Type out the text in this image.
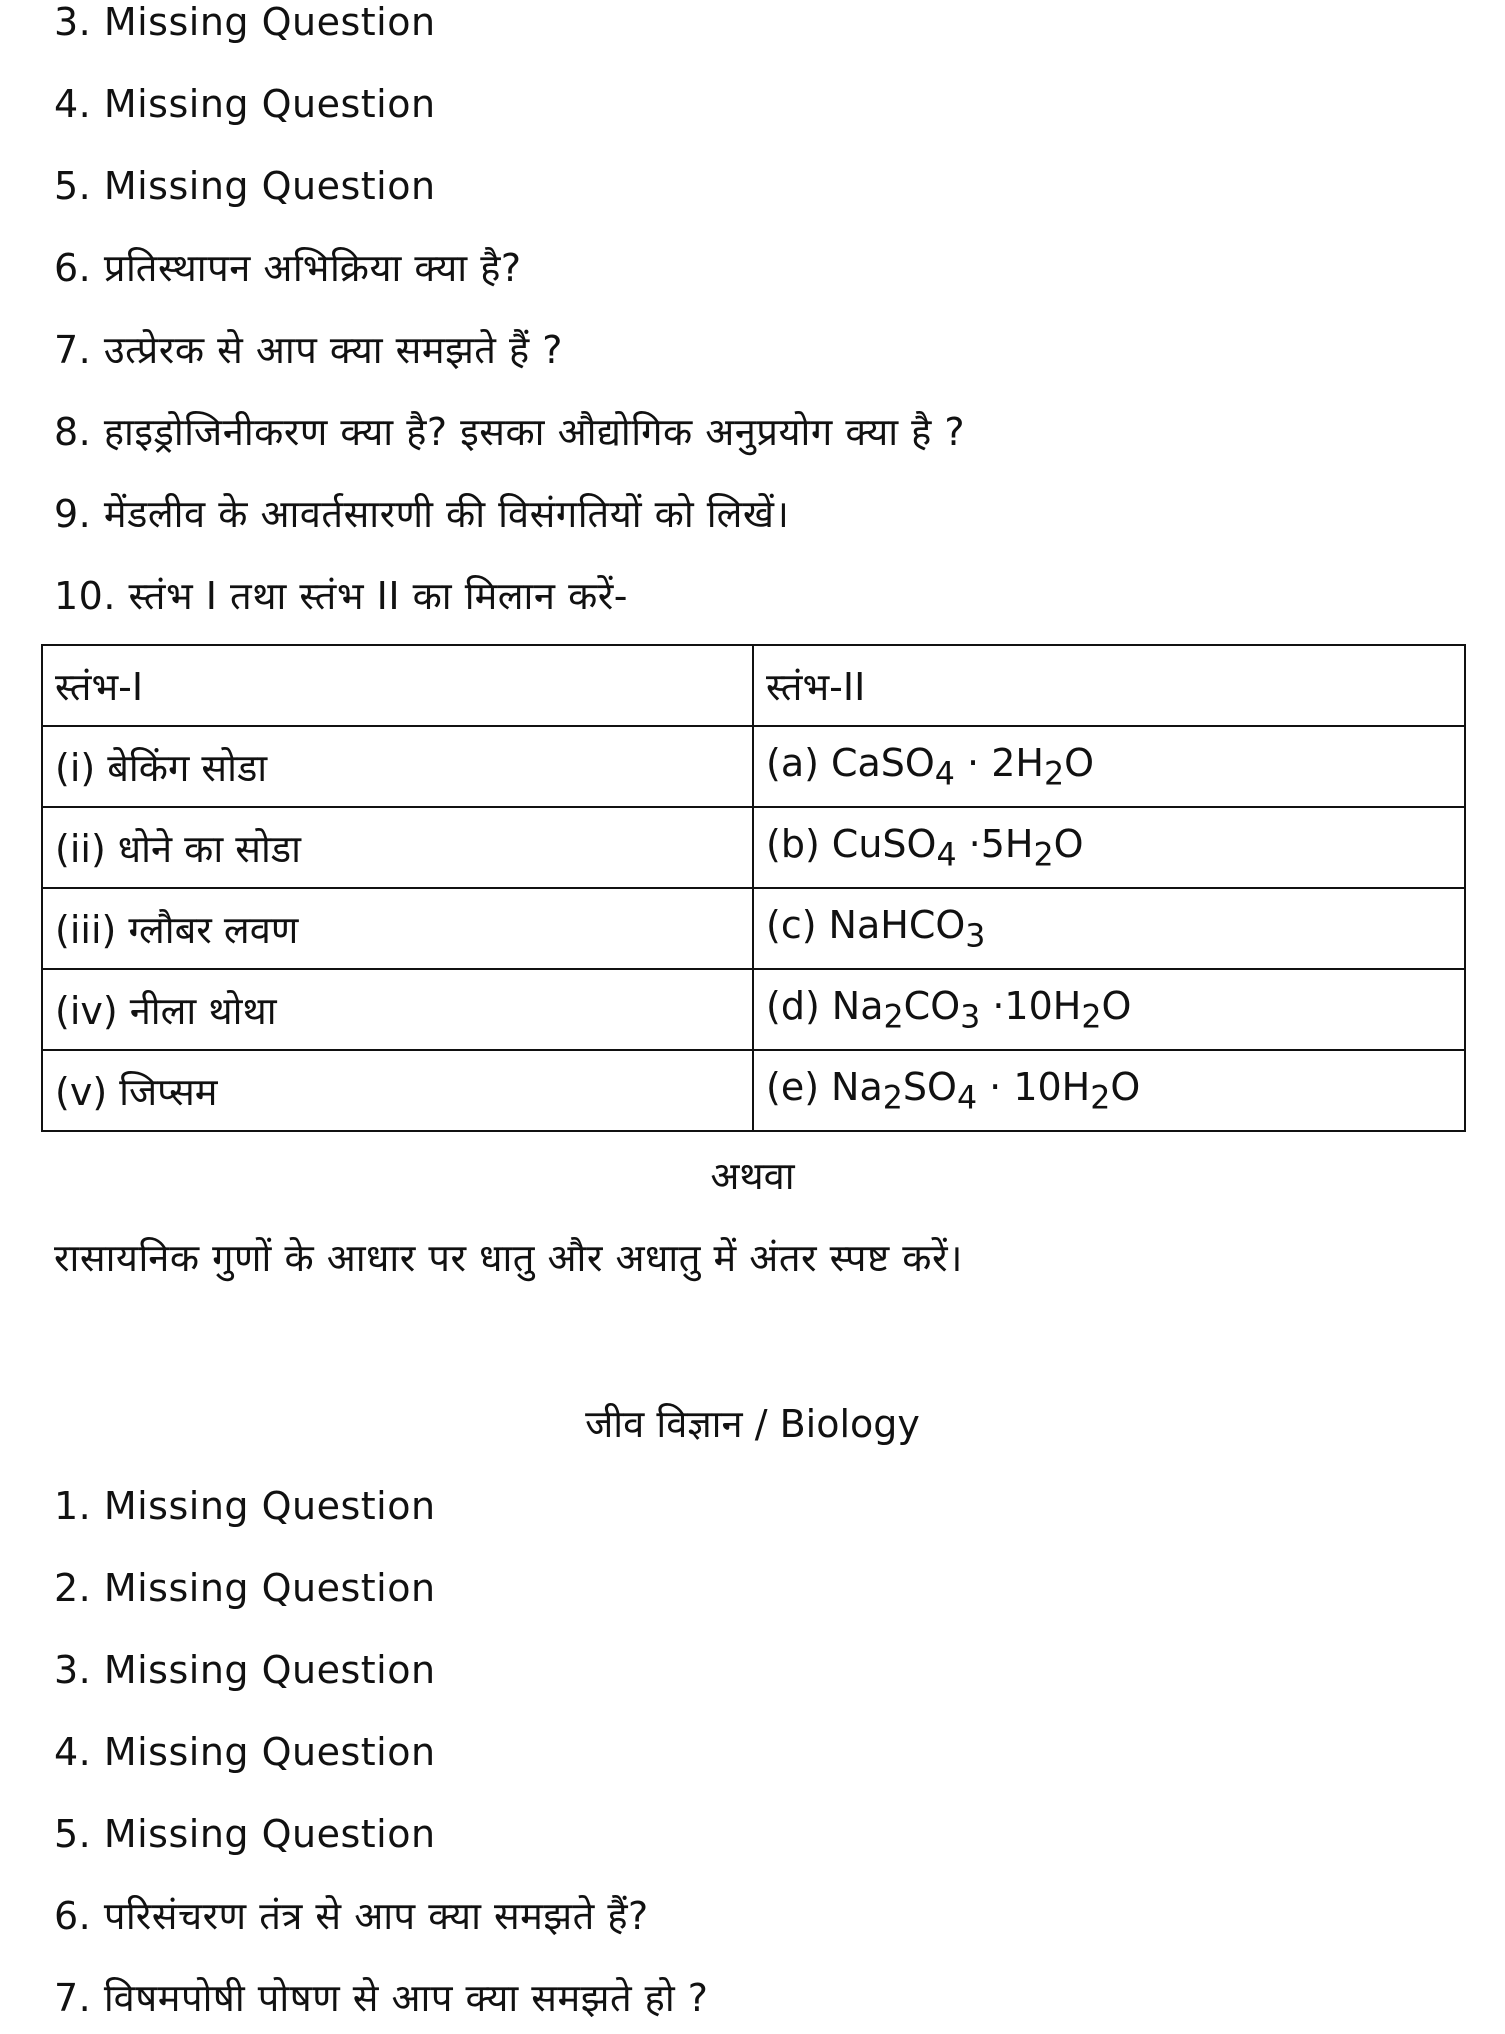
3. Missing Question
4. Missing Question
5. Missing Question
6. प्रतिस्थापन अभिक्रिया क्या है?
7. उत्प्रेरक से आप क्या समझते हैं ?
8. हाइड्रोजिनीकरण क्या है? इसका औद्योगिक अनुप्रयोग क्या है ?
9. मेंडलीव के आवर्तसारणी की विसंगतियों को लिखें।
10. स्तंभ I तथा स्तंभ II का मिलान करें-
स्तंभ-I	स्तंभ-II
(i) बेकिंग सोडा	(a) CaSO$_4$ · $2H_2O$
(ii) धोने का सोडा	(b) CuSO$_4$ $\cdot 5H_2O$
(iii) ग्लौबर लवण	(c) NaHCO$_3$
(iv) नीला थोथा	(d) $Na_2CO_3 \cdot 10H_2O$
(v) जिप्सम	(e) $Na_2SO_4 \cdot 10H_2O$
अथवा
रासायनिक गुणों के आधार पर धातु और अधातु में अंतर स्पष्ट करें।
जीव विज्ञान / Biology
1. Missing Question
2. Missing Question
3. Missing Question
4. Missing Question
5. Missing Question
6. परिसंचरण तंत्र से आप क्या समझते हैं?
7. विषमपोषी पोषण से आप क्या समझते हो ?
